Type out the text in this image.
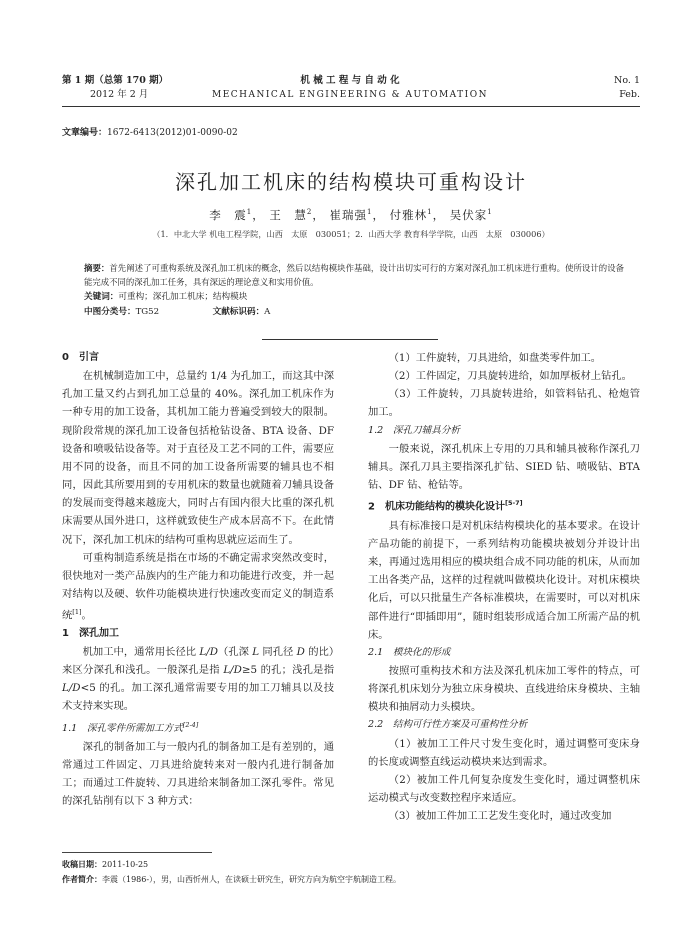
第 1 期（总第 170 期）
2012 年 2 月
机 械 工 程 与 自 动 化
MECHANICAL ENGINEERING & AUTOMATION
No. 1
Feb.
文章编号：1672-6413(2012)01-0090-02
深孔加工机床的结构模块可重构设计
李　震$^1$， 王　慧$^2$， 崔瑞强$^1$， 付雅林$^1$， 吴伏家$^1$
（1．中北大学 机电工程学院，山西　太原　030051；2．山西大学 教育科学学院，山西　太原　030006）
摘要：首先阐述了可重构系统及深孔加工机床的概念，然后以结构模块作基础，设计出切实可行的方案对深孔加工机床进行重构。使所设计的设备能完成不同的深孔加工任务，具有深远的理论意义和实用价值。
关键词：可重构；深孔加工机床；结构模块
中图分类号：TG52	文献标识码：A
0　引言

在机械制造加工中，总量约 1/4 为孔加工，而这其中深孔加工量又约占到孔加工总量的 40%。深孔加工机床作为一种专用的加工设备，其机加工能力普遍受到较大的限制。现阶段常规的深孔加工设备包括枪钻设备、BTA 设备、DF 设备和喷吸钻设备等。对于直径及工艺不同的工件，需要应用不同的设备，而且不同的加工设备所需要的辅具也不相同，因此其所要用到的专用机床的数量也就随着刀辅具设备的发展而变得越来越庞大，同时占有国内很大比重的深孔机床需要从国外进口，这样就致使生产成本居高不下。在此情况下，深孔加工机床的结构可重构思就应运而生了。

可重构制造系统是指在市场的不确定需求突然改变时，很快地对一类产品族内的生产能力和功能进行改变，并一起对结构以及硬、软件功能模块进行快速改变而定义的制造系统[1]。

1　深孔加工

机加工中，通常用长径比 L/D（孔深 L 同孔径 D 的比）来区分深孔和浅孔。一般深孔是指 L/D≥5 的孔；浅孔是指 L/D<5 的孔。加工深孔通常需要专用的加工刀辅具以及技术支持来实现。

1.1　深孔零件所需加工方式[2-4]

深孔的制备加工与一般内孔的制备加工是有差别的，通常通过工件固定、刀具进给旋转来对一般内孔进行制备加工；而通过工件旋转、刀具进给来制备加工深孔零件。常见的深孔钻削有以下 3 种方式：

（1）工件旋转，刀具进给，如盘类零件加工。

（2）工件固定，刀具旋转进给，如加厚板材上钻孔。

（3）工件旋转，刀具旋转进给，如管料钻孔、枪炮管加工。

1.2　深孔刀辅具分析

一般来说，深孔机床上专用的刀具和辅具被称作深孔刀辅具。深孔刀具主要指深孔扩钻、SIED 钻、喷吸钻、BTA 钻、DF 钻、枪钻等。

2　机床功能结构的模块化设计[5-7]

具有标准接口是对机床结构模块化的基本要求。在设计产品功能的前提下，一系列结构功能模块被划分并设计出来，再通过选用相应的模块组合成不同功能的机床，从而加工出各类产品，这样的过程就叫做模块化设计。对机床模块化后，可以只批量生产各标准模块，在需要时，可以对机床部件进行“即插即用”，随时组装形成适合加工所需产品的机床。

2.1　模块化的形成

按照可重构技术和方法及深孔机床加工零件的特点，可将深孔机床划分为独立床身模块、直线进给床身模块、主轴模块和抽屑动力头模块。

2.2　结构可行性方案及可重构性分析

（1）被加工工件尺寸发生变化时，通过调整可变床身的长度或调整直线运动模块来达到需求。

（2）被加工件几何复杂度发生变化时，通过调整机床运动模式与改变数控程序来适应。

（3）被加工件加工工艺发生变化时，通过改变加

收稿日期：2011-10-25
作者简介：李震（1986-），男，山西忻州人，在读硕士研究生，研究方向为航空宇航制造工程。
